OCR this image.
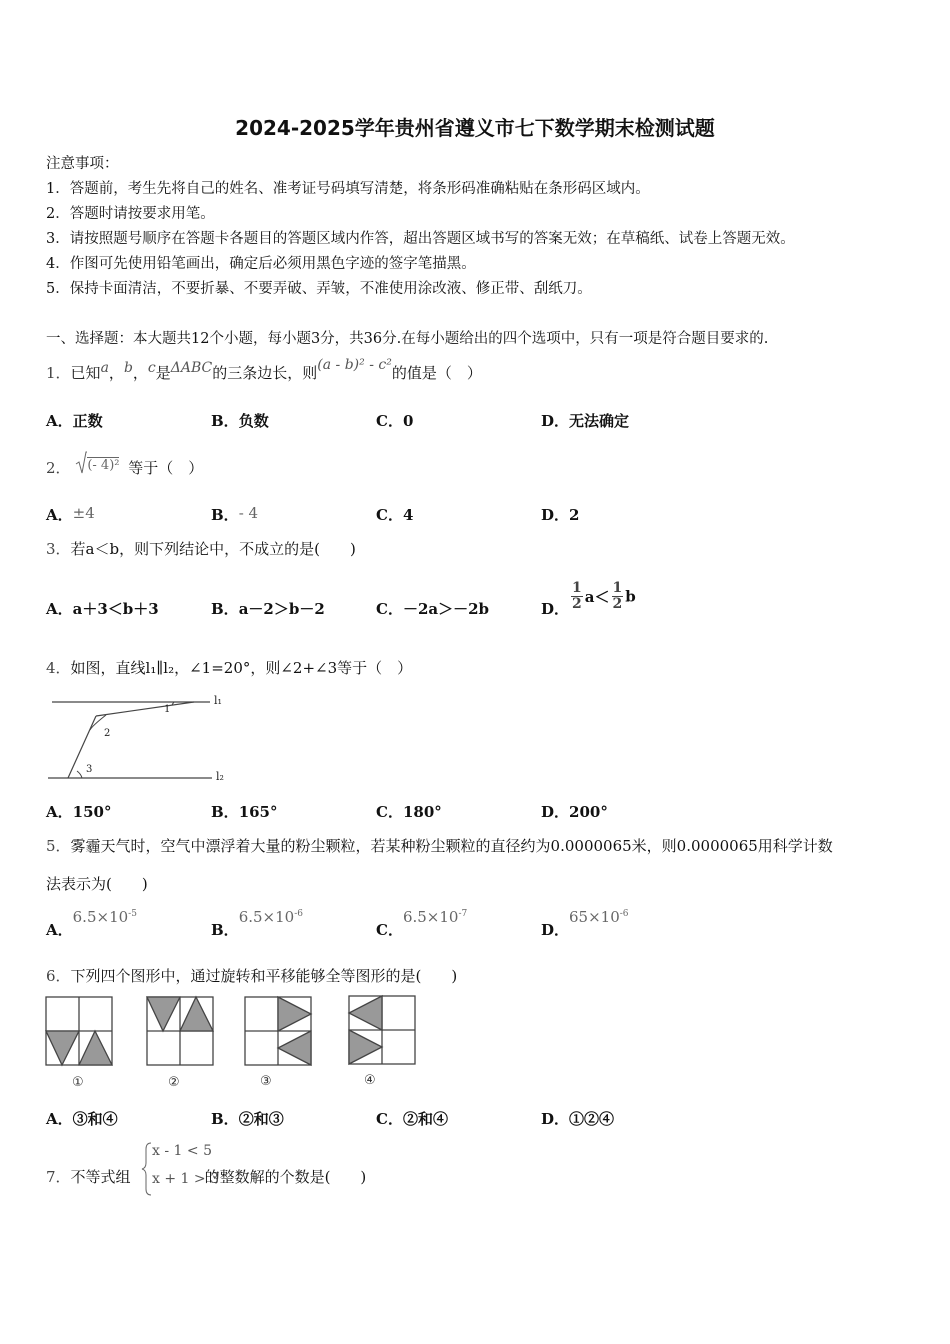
2024-2025学年贵州省遵义市七下数学期末检测试题
注意事项：
1．答题前，考生先将自己的姓名、准考证号码填写清楚，将条形码准确粘贴在条形码区域内。
2．答题时请按要求用笔。
3．请按照题号顺序在答题卡各题目的答题区域内作答，超出答题区域书写的答案无效；在草稿纸、试卷上答题无效。
4．作图可先使用铅笔画出，确定后必须用黑色字迹的签字笔描黑。
5．保持卡面清洁，不要折暴、不要弄破、弄皱，不准使用涂改液、修正带、刮纸刀。
一、选择题：本大题共12个小题，每小题3分，共36分.在每小题给出的四个选项中，只有一项是符合题目要求的.
1．已知a，b，c是ΔABC的三条边长，则(a - b)² - c²的值是（　）
A．正数	B．负数	C．0	D．无法确定
2． (- 4)² 等于（　）
A．±4	B．- 4	C．4	D．2
3．若a＜b，则下列结论中，不成立的是(　　)
A．a＋3＜b＋3	B．a－2＞b－2	C．－2a＞－2b	D． $\frac{1}{2} a< \frac{1}{2}$ b
4．如图，直线l₁∥l₂，∠1=20°，则∠2+∠3等于（　）
l₁
l₂
1
2
3
A．150°	B．165°	C．180°	D．200°
5．雾霾天气时，空气中漂浮着大量的粉尘颗粒，若某种粉尘颗粒的直径约为0.0000065米，则0.0000065用科学计数
法表示为(　　)
A．$6.5\times 10^{-5}$
B．$6.5\times 10^{-6}$
C．$6.5\times 10^{-7}$
D．$65\times 10^{-6}$
6．下列四个图形中，通过旋转和平移能够全等图形的是(　　)
①	②	③	④
A．③和④	B．②和③	C．②和④	D．①②④
7．不等式组	的整数解的个数是(　　)
x - 1 < 5
x + 1 > 3
